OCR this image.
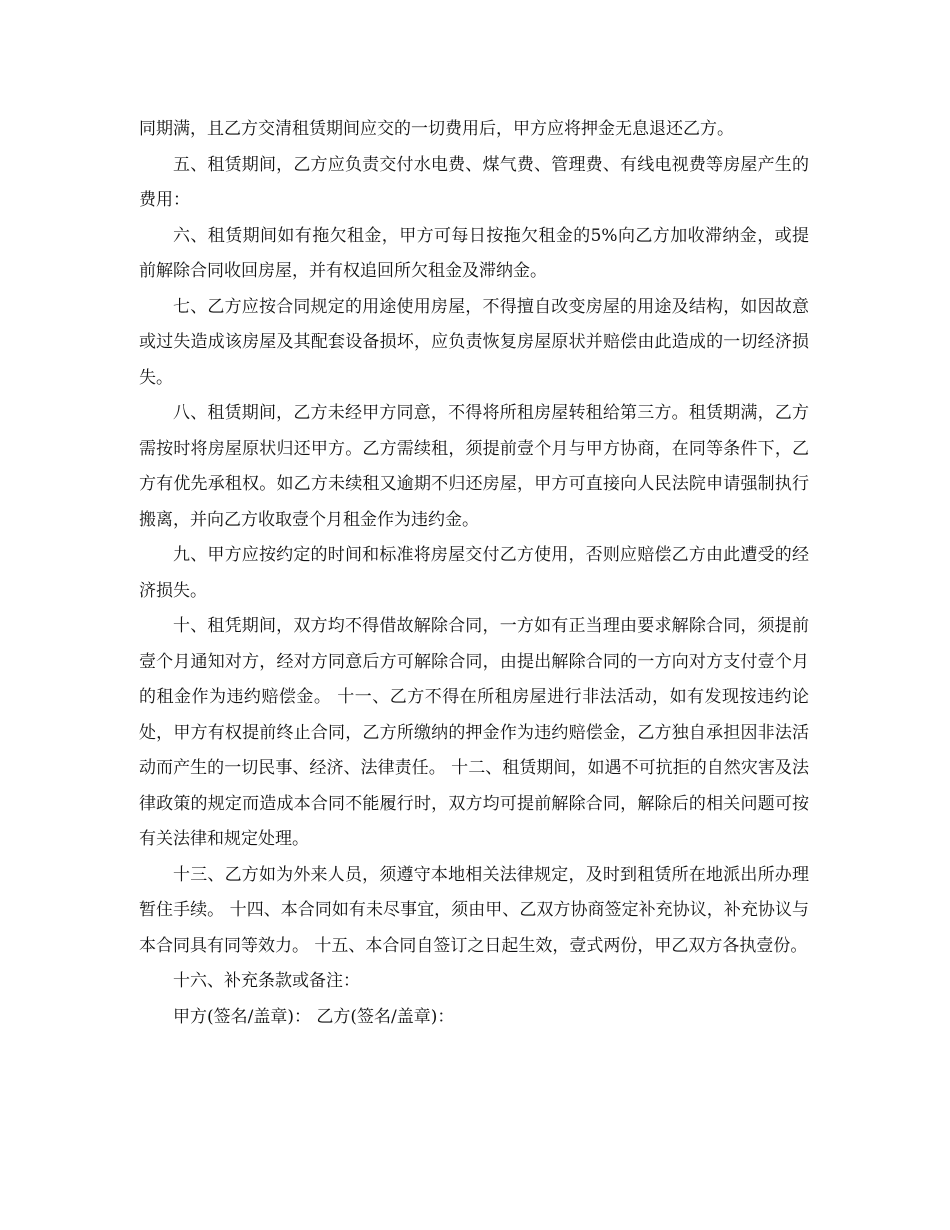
同期满，且乙方交清租赁期间应交的一切费用后，甲方应将押金无息退还乙方。

五、租赁期间，乙方应负责交付水电费、煤气费、管理费、有线电视费等房屋产生的费用：

六、租赁期间如有拖欠租金，甲方可每日按拖欠租金的5%向乙方加收滞纳金，或提前解除合同收回房屋，并有权追回所欠租金及滞纳金。

七、乙方应按合同规定的用途使用房屋，不得擅自改变房屋的用途及结构，如因故意或过失造成该房屋及其配套设备损坏，应负责恢复房屋原状并赔偿由此造成的一切经济损失。

八、租赁期间，乙方未经甲方同意，不得将所租房屋转租给第三方。租赁期满，乙方需按时将房屋原状归还甲方。乙方需续租，须提前壹个月与甲方协商，在同等条件下，乙方有优先承租权。如乙方未续租又逾期不归还房屋，甲方可直接向人民法院申请强制执行搬离，并向乙方收取壹个月租金作为违约金。

九、甲方应按约定的时间和标准将房屋交付乙方使用，否则应赔偿乙方由此遭受的经济损失。

十、租凭期间，双方均不得借故解除合同，一方如有正当理由要求解除合同，须提前壹个月通知对方，经对方同意后方可解除合同，由提出解除合同的一方向对方支付壹个月的租金作为违约赔偿金。 十一、乙方不得在所租房屋进行非法活动，如有发现按违约论处，甲方有权提前终止合同，乙方所缴纳的押金作为违约赔偿金，乙方独自承担因非法活动而产生的一切民事、经济、法律责任。 十二、租赁期间，如遇不可抗拒的自然灾害及法律政策的规定而造成本合同不能履行时，双方均可提前解除合同，解除后的相关问题可按有关法律和规定处理。

十三、乙方如为外来人员，须遵守本地相关法律规定，及时到租赁所在地派出所办理暂住手续。 十四、本合同如有未尽事宜，须由甲、乙双方协商签定补充协议，补充协议与本合同具有同等效力。 十五、本合同自签订之日起生效，壹式两份，甲乙双方各执壹份。

十六、补充条款或备注：

甲方(签名/盖章)： 乙方(签名/盖章)：
